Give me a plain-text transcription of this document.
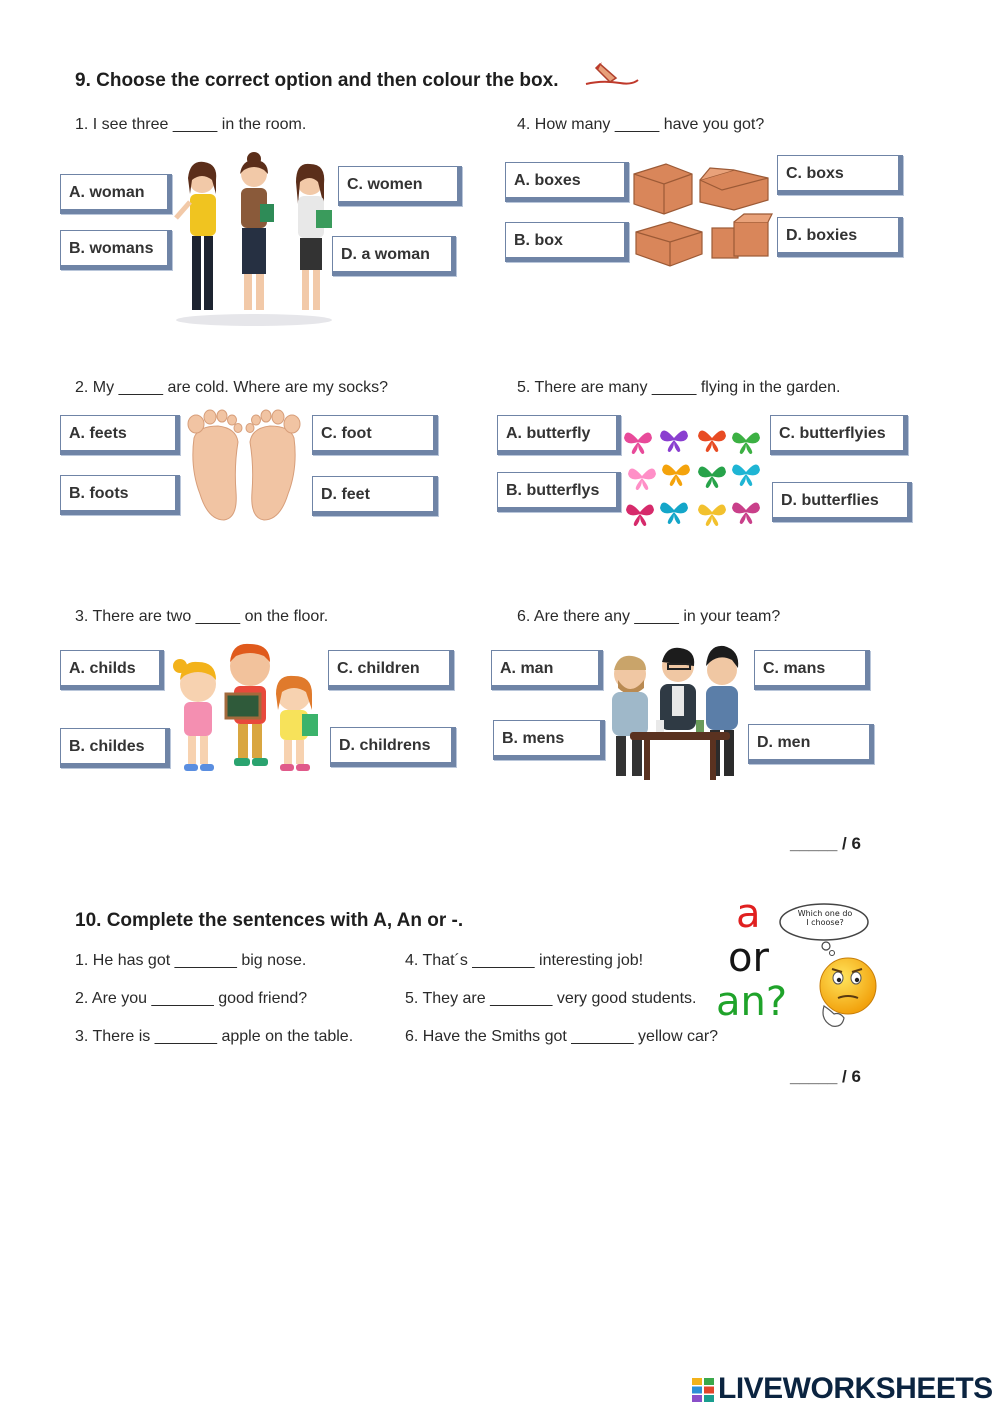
9. Choose the correct option and then colour the box.
1. I see three _____ in the room.
A. woman
B. womans
C. women
D. a woman
4. How many _____ have you got?
A. boxes
B. box
C. boxs
D. boxies
2. My _____ are cold. Where are my socks?
A. feets
B. foots
C. foot
D. feet
5. There are many _____ flying in the garden.
A. butterfly
B. butterflys
C. butterflyies
D. butterflies
3. There are two _____ on the floor.
A. childs
B. childes
C. children
D. childrens
6. Are there any _____ in your team?
A. man
B. mens
C. mans
D. men
_____ / 6
10. Complete the sentences with A, An or -.
1. He has got _______ big nose.
2. Are you _______ good friend?
3. There is _______ apple on the table.
4. That´s _______ interesting job!
5. They are _______ very good students.
6. Have the Smiths got _______ yellow car?
a
or
an?
Which one do I choose?
_____ / 6
LIVEWORKSHEETS
